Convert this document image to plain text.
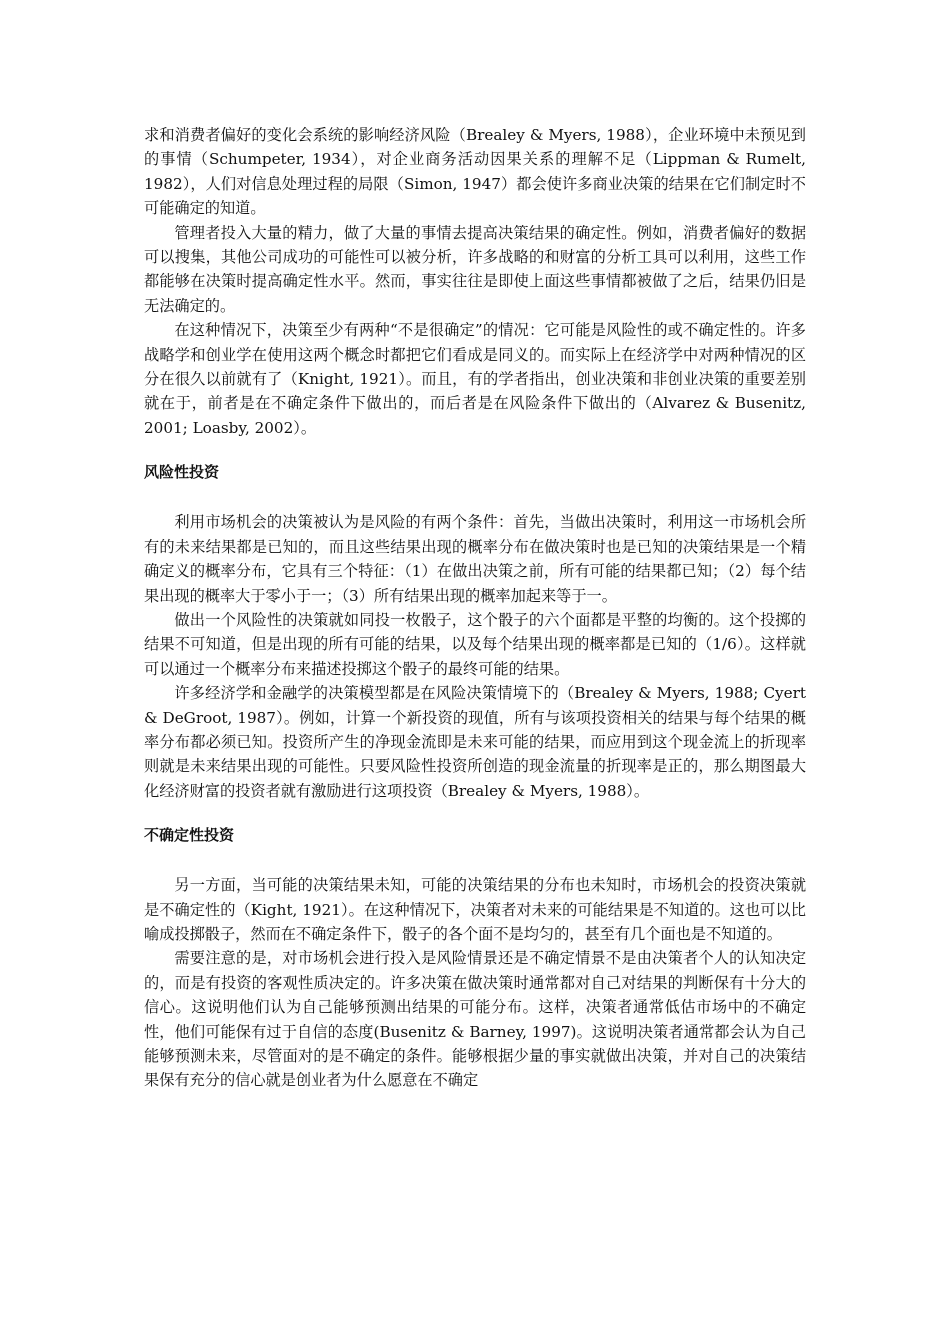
求和消费者偏好的变化会系统的影响经济风险（Brealey & Myers, 1988），企业环境中未预见到的事情（Schumpeter, 1934），对企业商务活动因果关系的理解不足（Lippman & Rumelt, 1982），人们对信息处理过程的局限（Simon, 1947）都会使许多商业决策的结果在它们制定时不可能确定的知道。

管理者投入大量的精力，做了大量的事情去提高决策结果的确定性。例如，消费者偏好的数据可以搜集，其他公司成功的可能性可以被分析，许多战略的和财富的分析工具可以利用，这些工作都能够在决策时提高确定性水平。然而，事实往往是即使上面这些事情都被做了之后，结果仍旧是无法确定的。

在这种情况下，决策至少有两种“不是很确定”的情况：它可能是风险性的或不确定性的。许多战略学和创业学在使用这两个概念时都把它们看成是同义的。而实际上在经济学中对两种情况的区分在很久以前就有了（Knight, 1921）。而且，有的学者指出，创业决策和非创业决策的重要差别就在于，前者是在不确定条件下做出的，而后者是在风险条件下做出的（Alvarez & Busenitz, 2001; Loasby, 2002）。

风险性投资

利用市场机会的决策被认为是风险的有两个条件：首先，当做出决策时，利用这一市场机会所有的未来结果都是已知的，而且这些结果出现的概率分布在做决策时也是已知的决策结果是一个精确定义的概率分布，它具有三个特征：（1）在做出决策之前，所有可能的结果都已知；（2）每个结果出现的概率大于零小于一；（3）所有结果出现的概率加起来等于一。

做出一个风险性的决策就如同投一枚骰子，这个骰子的六个面都是平整的均衡的。这个投掷的结果不可知道，但是出现的所有可能的结果，以及每个结果出现的概率都是已知的（1/6）。这样就可以通过一个概率分布来描述投掷这个骰子的最终可能的结果。

许多经济学和金融学的决策模型都是在风险决策情境下的（Brealey & Myers, 1988; Cyert & DeGroot, 1987）。例如，计算一个新投资的现值，所有与该项投资相关的结果与每个结果的概率分布都必须已知。投资所产生的净现金流即是未来可能的结果，而应用到这个现金流上的折现率则就是未来结果出现的可能性。只要风险性投资所创造的现金流量的折现率是正的，那么期图最大化经济财富的投资者就有激励进行这项投资（Brealey & Myers, 1988）。

不确定性投资

另一方面，当可能的决策结果未知，可能的决策结果的分布也未知时，市场机会的投资决策就是不确定性的（Kight, 1921）。在这种情况下，决策者对未来的可能结果是不知道的。这也可以比喻成投掷骰子，然而在不确定条件下，骰子的各个面不是均匀的，甚至有几个面也是不知道的。

需要注意的是，对市场机会进行投入是风险情景还是不确定情景不是由决策者个人的认知决定的，而是有投资的客观性质决定的。许多决策在做决策时通常都对自己对结果的判断保有十分大的信心。这说明他们认为自己能够预测出结果的可能分布。这样，决策者通常低估市场中的不确定性，他们可能保有过于自信的态度(Busenitz & Barney, 1997)。这说明决策者通常都会认为自己能够预测未来，尽管面对的是不确定的条件。能够根据少量的事实就做出决策，并对自己的决策结果保有充分的信心就是创业者为什么愿意在不确定
